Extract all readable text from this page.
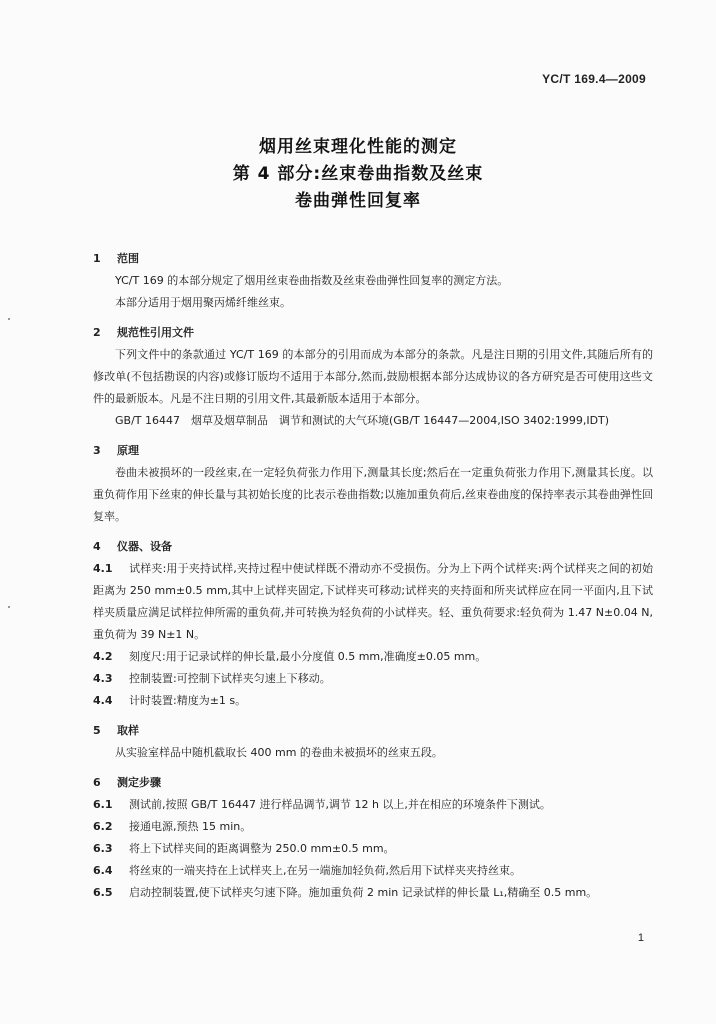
YC/T 169.4—2009
烟用丝束理化性能的测定
第 4 部分:丝束卷曲指数及丝束
卷曲弹性回复率
1 范围
YC/T 169 的本部分规定了烟用丝束卷曲指数及丝束卷曲弹性回复率的测定方法。
本部分适用于烟用聚丙烯纤维丝束。
2 规范性引用文件
下列文件中的条款通过 YC/T 169 的本部分的引用而成为本部分的条款。凡是注日期的引用文件,其随后所有的修改单(不包括勘误的内容)或修订版均不适用于本部分,然而,鼓励根据本部分达成协议的各方研究是否可使用这些文件的最新版本。凡是不注日期的引用文件,其最新版本适用于本部分。
GB/T 16447　烟草及烟草制品　调节和测试的大气环境(GB/T 16447—2004,ISO 3402:1999,IDT)
3 原理
卷曲未被损坏的一段丝束,在一定轻负荷张力作用下,测量其长度;然后在一定重负荷张力作用下,测量其长度。以重负荷作用下丝束的伸长量与其初始长度的比表示卷曲指数;以施加重负荷后,丝束卷曲度的保持率表示其卷曲弹性回复率。
4 仪器、设备
4.1 试样夹:用于夹持试样,夹持过程中使试样既不滑动亦不受损伤。分为上下两个试样夹:两个试样夹之间的初始距离为 250 mm±0.5 mm,其中上试样夹固定,下试样夹可移动;试样夹的夹持面和所夹试样应在同一平面内,且下试样夹质量应满足试样拉伸所需的重负荷,并可转换为轻负荷的小试样夹。轻、重负荷要求:轻负荷为 1.47 N±0.04 N,重负荷为 39 N±1 N。
4.2 刻度尺:用于记录试样的伸长量,最小分度值 0.5 mm,准确度±0.05 mm。
4.3 控制装置:可控制下试样夹匀速上下移动。
4.4 计时装置:精度为±1 s。
5 取样
从实验室样品中随机截取长 400 mm 的卷曲未被损坏的丝束五段。
6 测定步骤
6.1 测试前,按照 GB/T 16447 进行样品调节,调节 12 h 以上,并在相应的环境条件下测试。
6.2 接通电源,预热 15 min。
6.3 将上下试样夹间的距离调整为 250.0 mm±0.5 mm。
6.4 将丝束的一端夹持在上试样夹上,在另一端施加轻负荷,然后用下试样夹夹持丝束。
6.5 启动控制装置,使下试样夹匀速下降。施加重负荷 2 min 记录试样的伸长量 L₁,精确至 0.5 mm。
1
